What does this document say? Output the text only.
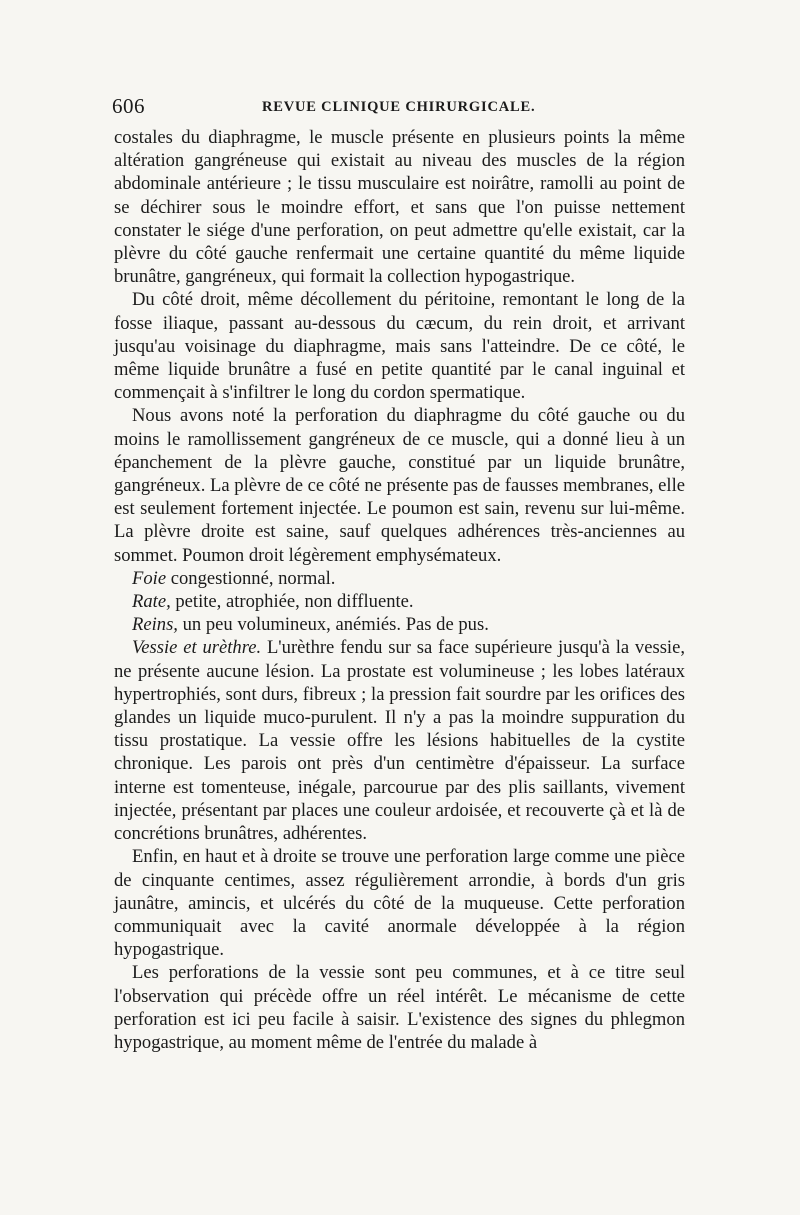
606	REVUE CLINIQUE CHIRURGICALE.

costales du diaphragme, le muscle présente en plusieurs points la même altération gangréneuse qui existait au niveau des muscles de la région abdominale antérieure ; le tissu musculaire est noirâtre, ramolli au point de se déchirer sous le moindre effort, et sans que l'on puisse nettement constater le siége d'une perforation, on peut admettre qu'elle existait, car la plèvre du côté gauche renfermait une certaine quantité du même liquide brunâtre, gangréneux, qui formait la collection hypogastrique.

Du côté droit, même décollement du péritoine, remontant le long de la fosse iliaque, passant au-dessous du cæcum, du rein droit, et arrivant jusqu'au voisinage du diaphragme, mais sans l'atteindre. De ce côté, le même liquide brunâtre a fusé en petite quantité par le canal inguinal et commençait à s'infiltrer le long du cordon spermatique.

Nous avons noté la perforation du diaphragme du côté gauche ou du moins le ramollissement gangréneux de ce muscle, qui a donné lieu à un épanchement de la plèvre gauche, constitué par un liquide brunâtre, gangréneux. La plèvre de ce côté ne présente pas de fausses membranes, elle est seulement fortement injectée. Le poumon est sain, revenu sur lui-même. La plèvre droite est saine, sauf quelques adhérences très-anciennes au sommet. Poumon droit légèrement emphysémateux.

Foie congestionné, normal.

Rate, petite, atrophiée, non diffluente.

Reins, un peu volumineux, anémiés. Pas de pus.

Vessie et urèthre. L'urèthre fendu sur sa face supérieure jusqu'à la vessie, ne présente aucune lésion. La prostate est volumineuse ; les lobes latéraux hypertrophiés, sont durs, fibreux ; la pression fait sourdre par les orifices des glandes un liquide muco-purulent. Il n'y a pas la moindre suppuration du tissu prostatique. La vessie offre les lésions habituelles de la cystite chronique. Les parois ont près d'un centimètre d'épaisseur. La surface interne est tomenteuse, inégale, parcourue par des plis saillants, vivement injectée, présentant par places une couleur ardoisée, et recouverte çà et là de concrétions brunâtres, adhérentes.

Enfin, en haut et à droite se trouve une perforation large comme une pièce de cinquante centimes, assez régulièrement arrondie, à bords d'un gris jaunâtre, amincis, et ulcérés du côté de la muqueuse. Cette perforation communiquait avec la cavité anormale développée à la région hypogastrique.

Les perforations de la vessie sont peu communes, et à ce titre seul l'observation qui précède offre un réel intérêt. Le mécanisme de cette perforation est ici peu facile à saisir. L'existence des signes du phlegmon hypogastrique, au moment même de l'entrée du malade à
